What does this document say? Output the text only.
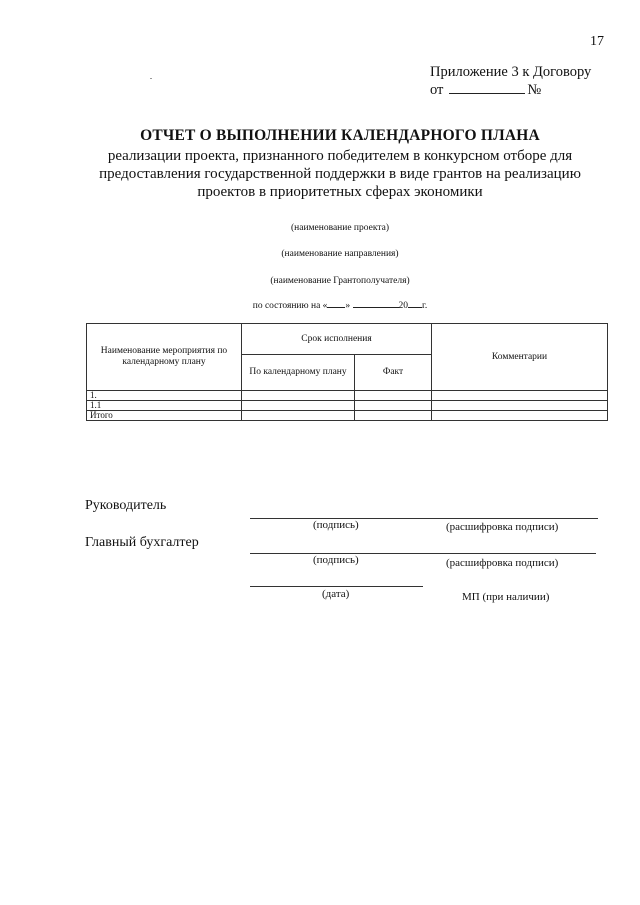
17
Приложение 3 к Договору
от	№
ОТЧЕТ О ВЫПОЛНЕНИИ КАЛЕНДАРНОГО ПЛАНА
реализации проекта, признанного победителем в конкурсном отборе для
предоставления государственной поддержки в виде грантов на реализацию
проектов в приоритетных сферах экономики
(наименование проекта)
(наименование направления)
(наименование Грантополучателя)
по состоянию на « »	20 г.
Наименование мероприятия по календарному плану	Срок исполнения		Комментарии
	По календарному плану	Факт	
1.			
1.1			
Итого			
Руководитель
(подпись)	(расшифровка подписи)
Главный бухгалтер
(подпись)	(расшифровка подписи)
(дата)	МП (при наличии)
